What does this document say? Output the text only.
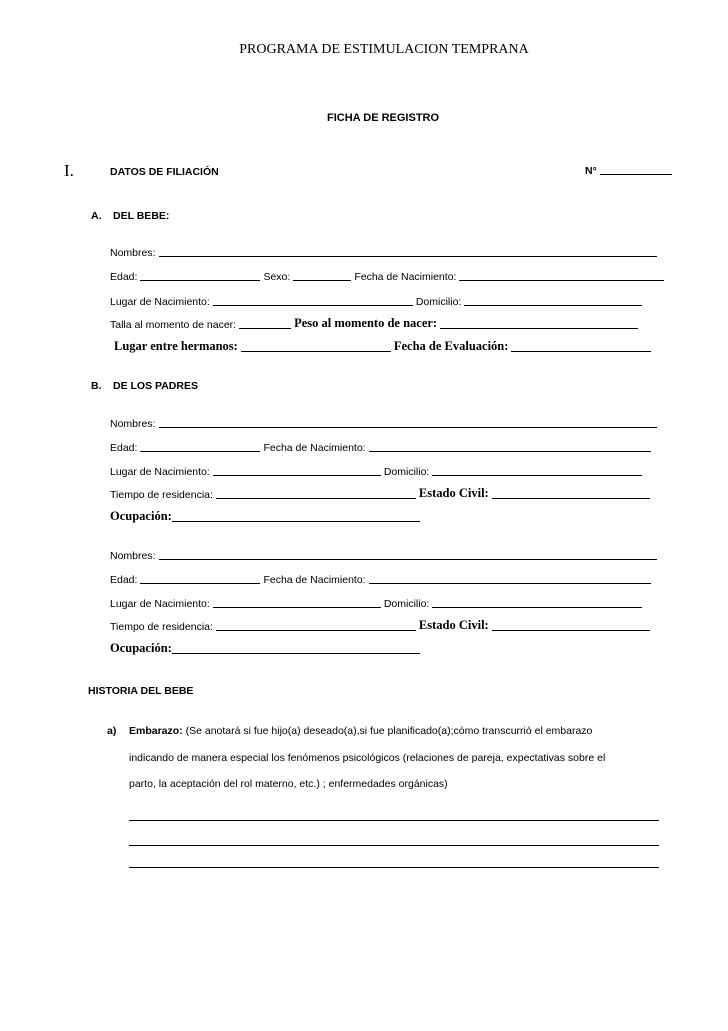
PROGRAMA DE ESTIMULACION TEMPRANA
FICHA DE REGISTRO
I.	DATOS DE FILIACIÓN	N°
A. DEL BEBE:
Nombres:
Edad:	Sexo:	Fecha de Nacimiento:
Lugar de Nacimiento:	Domicilio:
Talla al momento de nacer:	Peso al momento de nacer:
Lugar entre hermanos:	Fecha de Evaluación:
B. DE LOS PADRES
Nombres:
Edad:	Fecha de Nacimiento:
Lugar de Nacimiento:	Domicilio:
Tiempo de residencia:	Estado Civil:
Ocupación:
Nombres:
Edad:	Fecha de Nacimiento:
Lugar de Nacimiento:	Domicilio:
Tiempo de residencia:	Estado Civil:
Ocupación:
HISTORIA DEL BEBE
a) Embarazo: (Se anotará si fue hijo(a) deseado(a),si fue planificado(a);cómo transcurrió el embarazo
indicando de manera especial los fenómenos psicológicos (relaciones de pareja, expectativas sobre el
parto, la aceptación del rol materno, etc.) ; enfermedades orgánicas)
